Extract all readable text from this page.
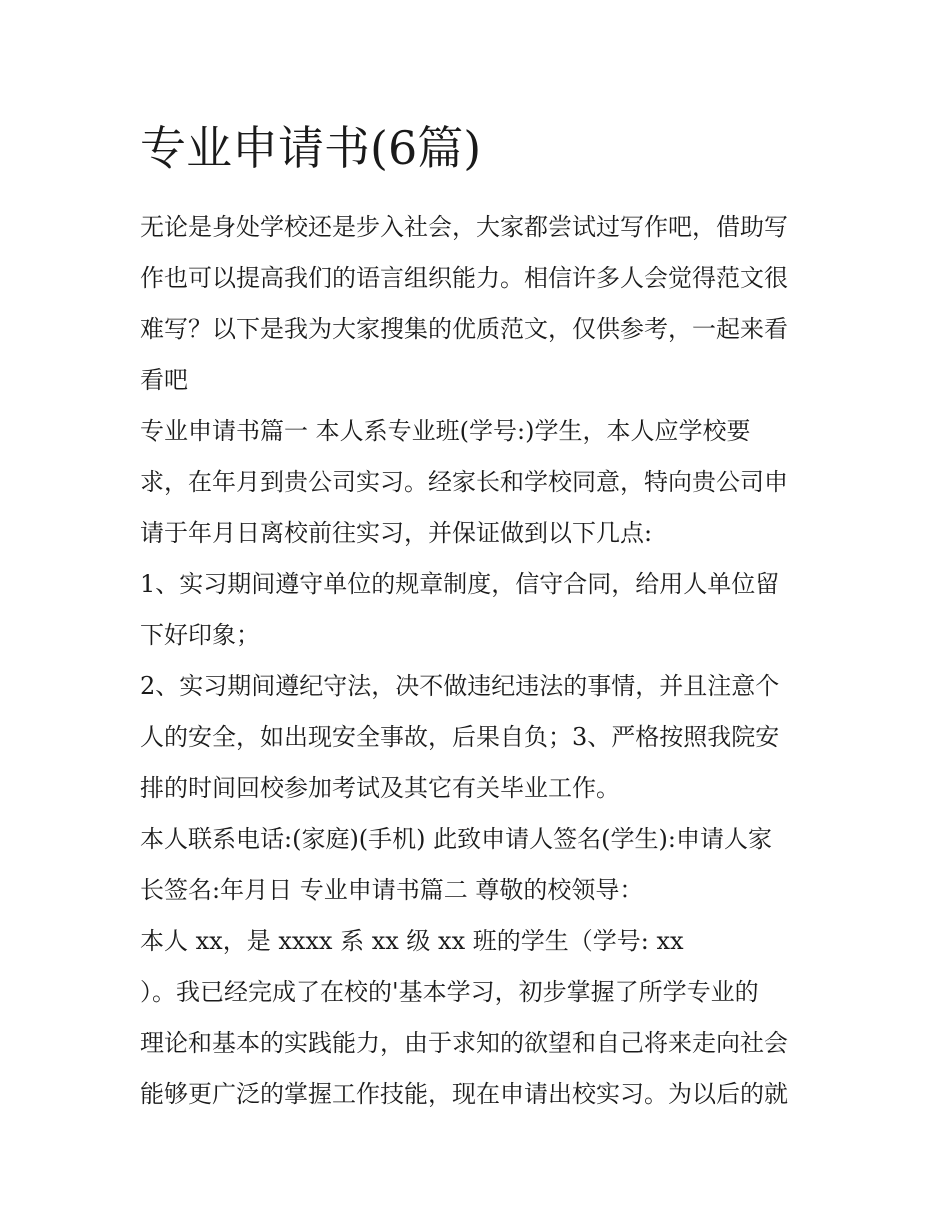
专业申请书(6篇)

无论是身处学校还是步入社会，大家都尝试过写作吧，借助写

作也可以提高我们的语言组织能力。相信许多人会觉得范文很

难写？以下是我为大家搜集的优质范文，仅供参考，一起来看

看吧

专业申请书篇一 本人系专业班(学号:)学生，本人应学校要

求，在年月到贵公司实习。经家长和学校同意，特向贵公司申

请于年月日离校前往实习，并保证做到以下几点:

1、实习期间遵守单位的规章制度，信守合同，给用人单位留

下好印象；

2、实习期间遵纪守法，决不做违纪违法的事情，并且注意个

人的安全，如出现安全事故，后果自负；3、严格按照我院安

排的时间回校参加考试及其它有关毕业工作。

本人联系电话:(家庭)(手机) 此致申请人签名(学生):申请人家

长签名:年月日 专业申请书篇二 尊敬的校领导：

本人 xx，是 xxxx 系 xx 级 xx 班的学生（学号: xx

）。我已经完成了在校的'基本学习，初步掌握了所学专业的

理论和基本的实践能力，由于求知的欲望和自己将来走向社会

能够更广泛的掌握工作技能，现在申请出校实习。为以后的就
